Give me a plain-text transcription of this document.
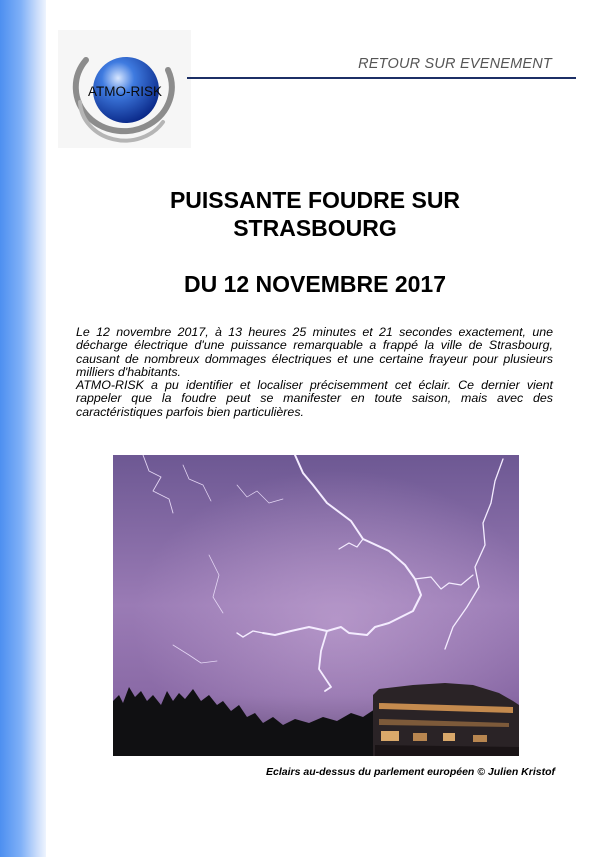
ATMO-RISK
RETOUR SUR EVENEMENT
PUISSANTE FOUDRE SUR
STRASBOURG
DU 12 NOVEMBRE 2017

Le 12 novembre 2017, à 13 heures 25 minutes et 21 secondes exactement, une décharge électrique d'une puissance remarquable a frappé la ville de Strasbourg, causant de nombreux dommages électriques et une certaine frayeur pour plusieurs milliers d'habitants.

ATMO-RISK a pu identifier et localiser précisemment cet éclair. Ce dernier vient rappeler que la foudre peut se manifester en toute saison, mais avec des caractéristiques parfois bien particulières.

Eclairs au-dessus du parlement européen © Julien Kristof
